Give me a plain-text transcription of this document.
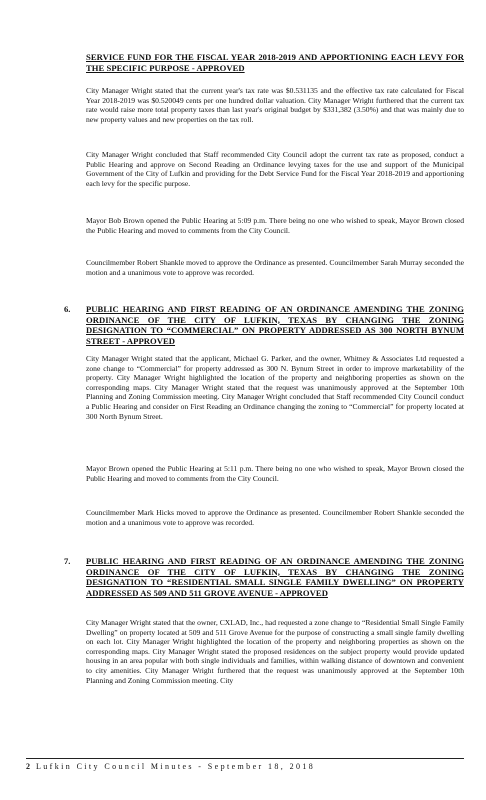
SERVICE FUND FOR THE FISCAL YEAR 2018-2019 AND APPORTIONING EACH LEVY FOR THE SPECIFIC PURPOSE - APPROVED
City Manager Wright stated that the current year's tax rate was $0.531135 and the effective tax rate calculated for Fiscal Year 2018-2019 was $0.520049 cents per one hundred dollar valuation. City Manager Wright furthered that the current tax rate would raise more total property taxes than last year's original budget by $331,382 (3.50%) and that was mainly due to new property values and new properties on the tax roll.
City Manager Wright concluded that Staff recommended City Council adopt the current tax rate as proposed, conduct a Public Hearing and approve on Second Reading an Ordinance levying taxes for the use and support of the Municipal Government of the City of Lufkin and providing for the Debt Service Fund for the Fiscal Year 2018-2019 and apportioning each levy for the specific purpose.
Mayor Bob Brown opened the Public Hearing at 5:09 p.m. There being no one who wished to speak, Mayor Brown closed the Public Hearing and moved to comments from the City Council.
Councilmember Robert Shankle moved to approve the Ordinance as presented. Councilmember Sarah Murray seconded the motion and a unanimous vote to approve was recorded.
6. PUBLIC HEARING AND FIRST READING OF AN ORDINANCE AMENDING THE ZONING ORDINANCE OF THE CITY OF LUFKIN, TEXAS BY CHANGING THE ZONING DESIGNATION TO “COMMERCIAL” ON PROPERTY ADDRESSED AS 300 NORTH BYNUM STREET - APPROVED
City Manager Wright stated that the applicant, Michael G. Parker, and the owner, Whitney & Associates Ltd requested a zone change to “Commercial” for property addressed as 300 N. Bynum Street in order to improve marketability of the property. City Manager Wright highlighted the location of the property and neighboring properties as shown on the corresponding maps. City Manager Wright stated that the request was unanimously approved at the September 10th Planning and Zoning Commission meeting. City Manager Wright concluded that Staff recommended City Council conduct a Public Hearing and consider on First Reading an Ordinance changing the zoning to “Commercial” for property located at 300 North Bynum Street.
Mayor Brown opened the Public Hearing at 5:11 p.m. There being no one who wished to speak, Mayor Brown closed the Public Hearing and moved to comments from the City Council.
Councilmember Mark Hicks moved to approve the Ordinance as presented. Councilmember Robert Shankle seconded the motion and a unanimous vote to approve was recorded.
7. PUBLIC HEARING AND FIRST READING OF AN ORDINANCE AMENDING THE ZONING ORDINANCE OF THE CITY OF LUFKIN, TEXAS BY CHANGING THE ZONING DESIGNATION TO “RESIDENTIAL SMALL SINGLE FAMILY DWELLING” ON PROPERTY ADDRESSED AS 509 AND 511 GROVE AVENUE - APPROVED
City Manager Wright stated that the owner, CXLAD, Inc., had requested a zone change to “Residential Small Single Family Dwelling” on property located at 509 and 511 Grove Avenue for the purpose of constructing a small single family dwelling on each lot. City Manager Wright highlighted the location of the property and neighboring properties as shown on the corresponding maps. City Manager Wright stated the proposed residences on the subject property would provide updated housing in an area popular with both single individuals and families, within walking distance of downtown and convenient to city amenities. City Manager Wright furthered that the request was unanimously approved at the September 10th Planning and Zoning Commission meeting. City
2 Lufkin City Council Minutes - September 18, 2018
